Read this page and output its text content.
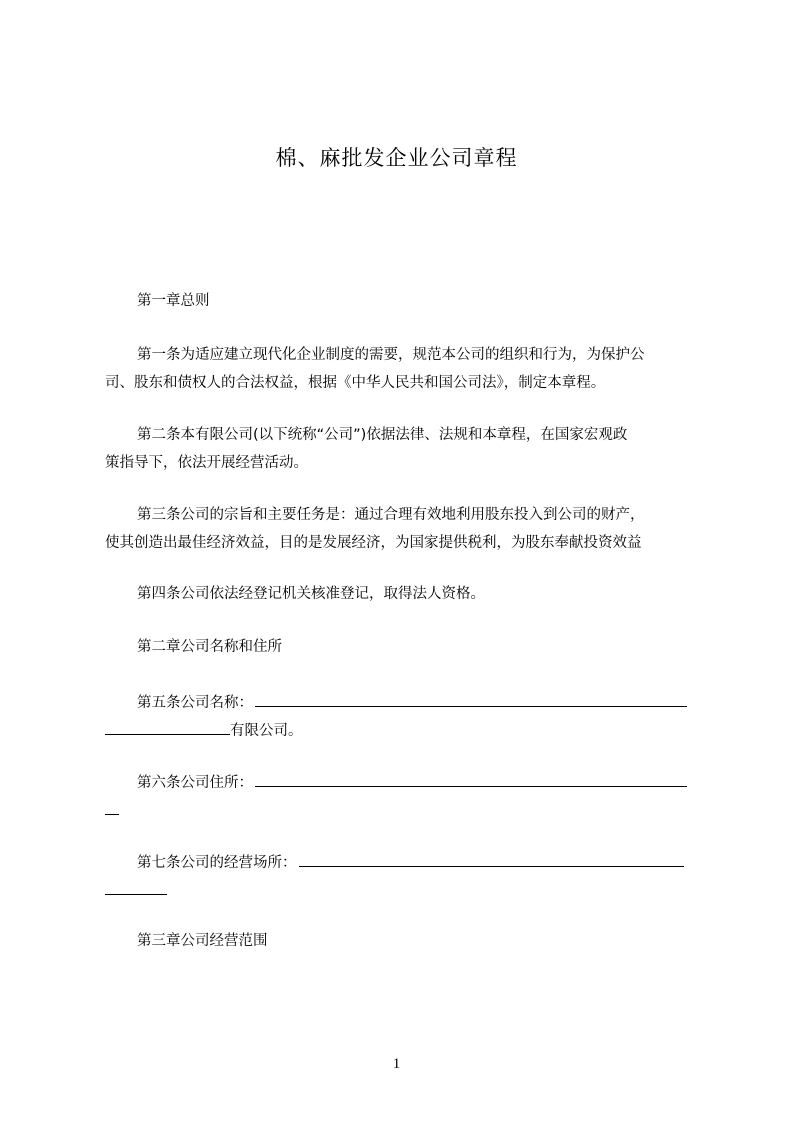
棉、麻批发企业公司章程
第一章总则
第一条为适应建立现代化企业制度的需要，规范本公司的组织和行为，为保护公
司、股东和债权人的合法权益，根据《中华人民共和国公司法》，制定本章程。
第二条本有限公司(以下统称“公司”)依据法律、法规和本章程，在国家宏观政
策指导下，依法开展经营活动。
第三条公司的宗旨和主要任务是：通过合理有效地利用股东投入到公司的财产，
使其创造出最佳经济效益，目的是发展经济，为国家提供税利，为股东奉献投资效益
第四条公司依法经登记机关核准登记，取得法人资格。
第二章公司名称和住所
第五条公司名称：
有限公司。
第六条公司住所：
第七条公司的经营场所：
第三章公司经营范围
1
